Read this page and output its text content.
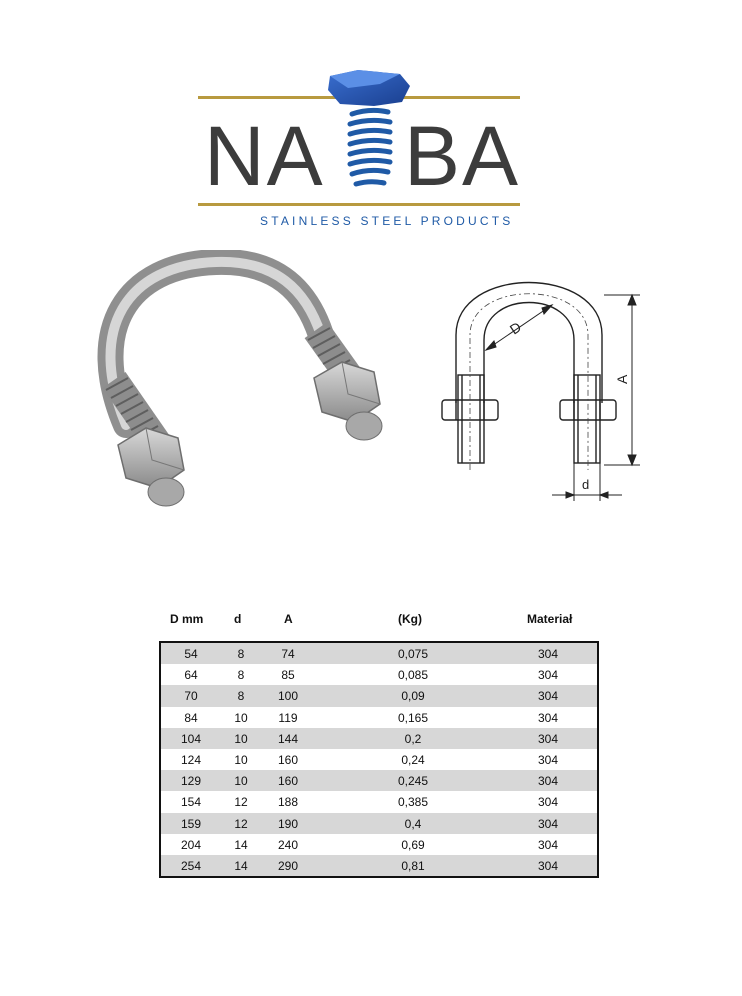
NA BA
STAINLESS STEEL PRODUCTS
D
A
d
D mm	d	A	(Kg)	Materiał
54	8	74	0,075	304
64	8	85	0,085	304
70	8	100	0,09	304
84	10	119	0,165	304
104	10	144	0,2	304
124	10	160	0,24	304
129	10	160	0,245	304
154	12	188	0,385	304
159	12	190	0,4	304
204	14	240	0,69	304
254	14	290	0,81	304
